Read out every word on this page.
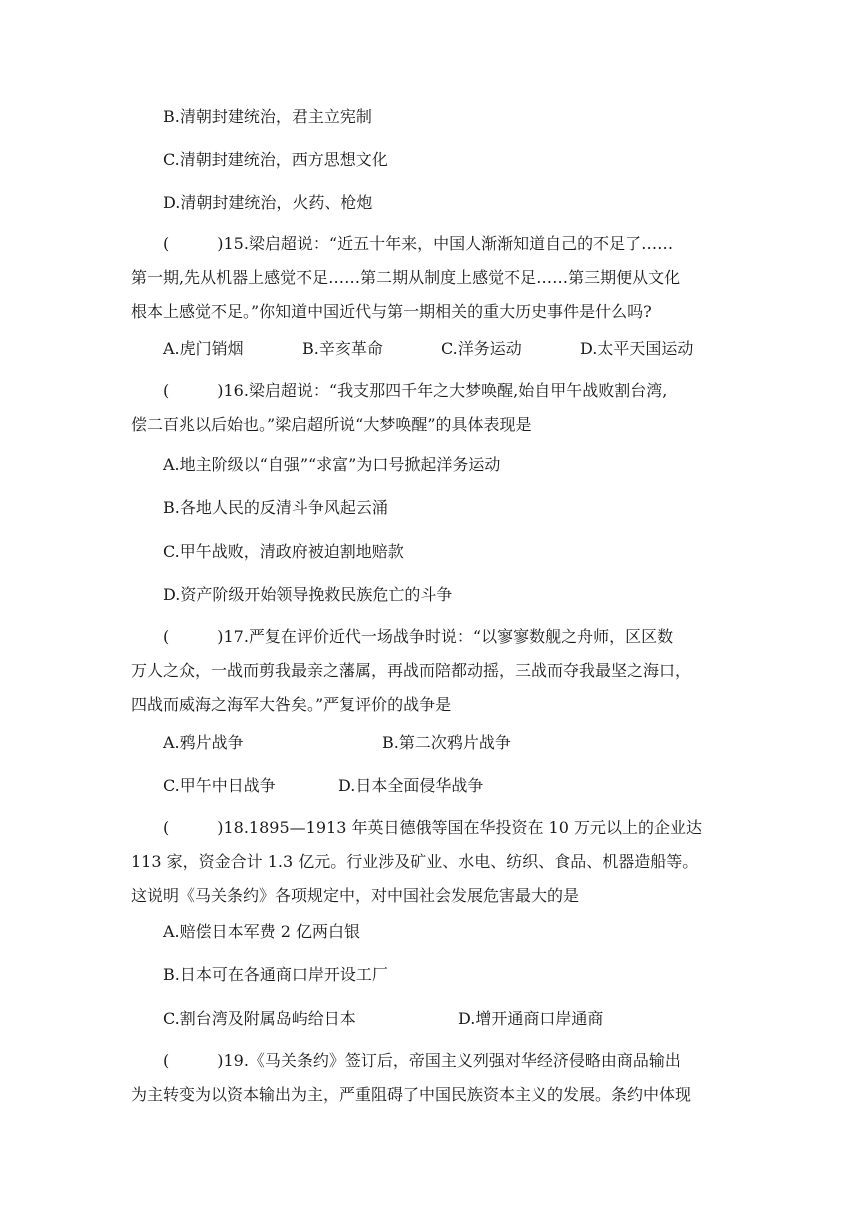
B.清朝封建统治，君主立宪制
C.清朝封建统治，西方思想文化
D.清朝封建统治，火药、枪炮
(　　　)15.梁启超说：“近五十年来，中国人渐渐知道自己的不足了……
第一期,先从机器上感觉不足……第二期从制度上感觉不足……第三期便从文化
根本上感觉不足。”你知道中国近代与第一期相关的重大历史事件是什么吗?
A.虎门销烟	B.辛亥革命	C.洋务运动	D.太平天国运动
(　　　)16.梁启超说：“我支那四千年之大梦唤醒,始自甲午战败割台湾,
偿二百兆以后始也。”梁启超所说“大梦唤醒”的具体表现是
A.地主阶级以“自强”“求富”为口号掀起洋务运动
B.各地人民的反清斗争风起云涌
C.甲午战败，清政府被迫割地赔款
D.资产阶级开始领导挽救民族危亡的斗争
(　　　)17.严复在评价近代一场战争时说：“以寥寥数舰之舟师，区区数
万人之众，一战而剪我最亲之藩属，再战而陪都动摇，三战而夺我最坚之海口，
四战而威海之海军大咎矣。”严复评价的战争是
A.鸦片战争	B.第二次鸦片战争
C.甲午中日战争	D.日本全面侵华战争
(　　　)18.1895—1913 年英日德俄等国在华投资在 10 万元以上的企业达
113 家，资金合计 1.3 亿元。行业涉及矿业、水电、纺织、食品、机器造船等。
这说明《马关条约》各项规定中，对中国社会发展危害最大的是
A.赔偿日本军费 2 亿两白银
B.日本可在各通商口岸开设工厂
C.割台湾及附属岛屿给日本	D.增开通商口岸通商
(　　　)19.《马关条约》签订后，帝国主义列强对华经济侵略由商品输出
为主转变为以资本输出为主，严重阻碍了中国民族资本主义的发展。条约中体现
